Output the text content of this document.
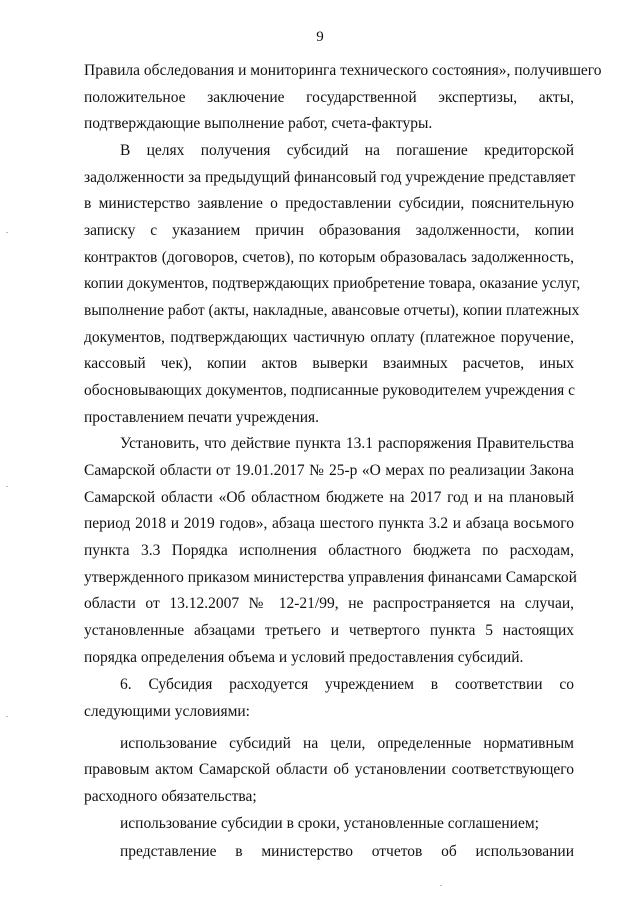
9
Правила обследования и мониторинга технического состояния», получившего
положительное заключение государственной экспертизы, акты,
подтверждающие выполнение работ, счета-фактуры.
В целях получения субсидий на погашение кредиторской
задолженности за предыдущий финансовый год учреждение представляет
в министерство заявление о предоставлении субсидии, пояснительную
записку с указанием причин образования задолженности, копии
контрактов (договоров, счетов), по которым образовалась задолженность,
копии документов, подтверждающих приобретение товара, оказание услуг,
выполнение работ (акты, накладные, авансовые отчеты), копии платежных
документов, подтверждающих частичную оплату (платежное поручение,
кассовый чек), копии актов выверки взаимных расчетов, иных
обосновывающих документов, подписанные руководителем учреждения с
проставлением печати учреждения.
Установить, что действие пункта 13.1 распоряжения Правительства
Самарской области от 19.01.2017 № 25-р «О мерах по реализации Закона
Самарской области «Об областном бюджете на 2017 год и на плановый
период 2018 и 2019 годов», абзаца шестого пункта 3.2 и абзаца восьмого
пункта 3.3 Порядка исполнения областного бюджета по расходам,
утвержденного приказом министерства управления финансами Самарской
области от 13.12.2007 № 12-21/99, не распространяется на случаи,
установленные абзацами третьего и четвертого пункта 5 настоящих
порядка определения объема и условий предоставления субсидий.
6. Субсидия расходуется учреждением в соответствии со
следующими условиями:
использование субсидий на цели, определенные нормативным
правовым актом Самарской области об установлении соответствующего
расходного обязательства;
использование субсидии в сроки, установленные соглашением;
представление в министерство отчетов об использовании
